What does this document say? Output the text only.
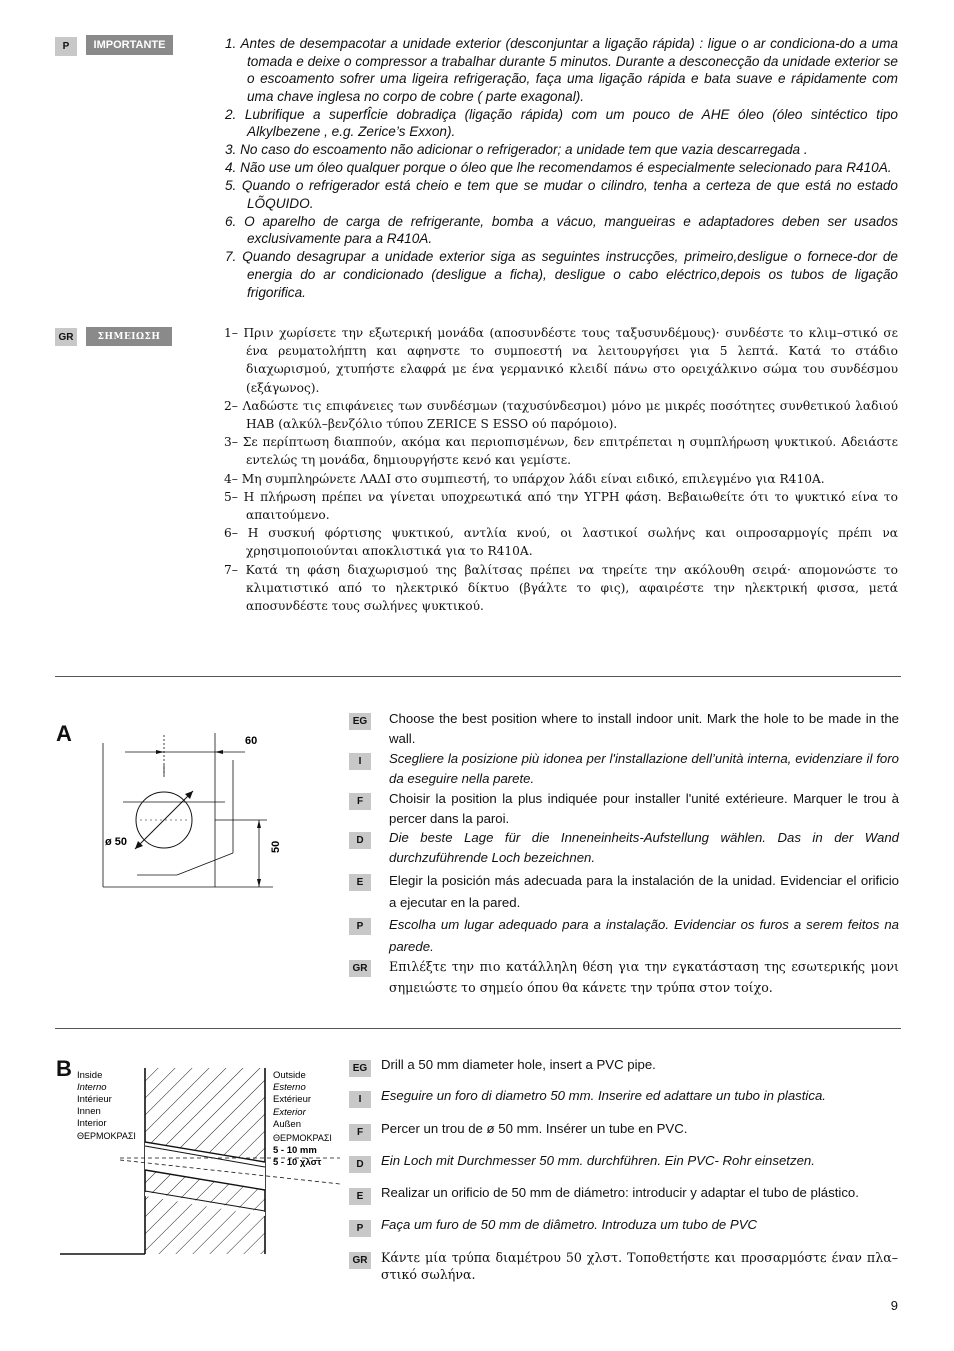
P	IMPORTANTE	1. Antes de desempacotar a unidade exterior (desconjuntar a ligação rápida) : ligue o ar condiciona-do a uma tomada e deixe o compressor a trabalhar durante 5 minutos. Durante a desconecção da unidade exterior se o escoamento sofrer uma ligeira refrigeração, faça uma ligação rápida e bata suave e rápidamente com uma chave inglesa no corpo de cobre ( parte exagonal).
2. Lubrifique a superfÎcie dobradiça (ligação rápida) com um pouco de AHE óleo (óleo sintéctico tipo Alkylbezene , e.g. Zerice’s Exxon).
3. No caso do escoamento não adicionar o refrigerador; a unidade tem que vazia descarregada .
4. Não use um óleo qualquer porque o óleo que lhe recomendamos é especialmente selecionado para R410A.
5. Quando o refrigerador está cheio e tem que se mudar o cilindro, tenha a certeza de que está no estado LÕQUIDO.
6. O aparelho de carga de refrigerante, bomba a vácuo, mangueiras e adaptadores deben ser usados exclusivamente para a R410A.
7. Quando desagrupar a unidade exterior siga as seguintes instrucções, primeiro,desligue o fornece-dor de energia do ar condicionado (desligue a ficha), desligue o cabo eléctrico,depois os tubos de ligação frigorifica.
GR	ΣΗΜΕΙΩΣΗ	1– Πριν χωρίσετε την εξωτερική μονάδα (αποσυνδέστε τους ταξυσυνδέμους)· συνδέστε το κλιμ–στικό σε ένα ρευματολήπτη και αφηνστε το συμποεστή να λειτουργήσει για 5 λεπτά. Κατά το στάδιο διαχωρισμού, χτυπήστε ελαφρά με ένα γερμανικό κλειδί πάνω στο ορειχάλκινο σώμα του συνδέσμου (εξάγωνος).
2– Λαδώστε τις επιφάνειες των συνδέσμων (ταχυσύνδεσμοι) μόνο με μικρές ποσότητες συνθετικού λαδιού HAB (αλκύλ–βενζόλιο τύπου ZERICE S ESSO ού παρόμοιο).
3– Σε περίπτωση διαππούν, ακόμα και περιοπισμένων, δεν επιτρέπεται η συμπλήρωση ψυκτικού. Αδειάστε εντελώς τη μονάδα, δημιουργήστε κενό και γεμίστε.
4– Μη συμπληρώνετε ΛΑΔΙ στο συμπιεστή, το υπάρχον λάδι είναι ειδικό, επιλεγμένο για R410A.
5– Η πλήρωση πρέπει να γίνεται υποχρεωτικά από την ΥΓΡΗ φάση. Βεβαιωθείτε ότι το ψυκτικό είνα το απαιτούμενο.
6– Η συσκυή φόρτισης ψυκτικού, αντλία κνού, οι λαστικοί σωλήνς και οιπροσαρμογίς πρέπι να χρησιμοποιούνται αποκλιστικά για το R410A.
7– Κατά τη φάση διαχωρισμού της βαλίτσας πρέπει να τηρείτε την ακόλουθη σειρά· απομονώστε το κλιματιστικό από το ηλεκτρικό δίκτυο (βγάλτε το φις), αφαιρέστε την ηλεκτρική φισσα, μετά αποσυνδέστε τους σωλήνες ψυκτικού.
A	60
ø 50	50
EG Choose the best position where to install indoor unit. Mark the hole to be made in the wall.
I	Scegliere la posizione più idonea per l'installazione dell’unità interna, evidenziare il foro da eseguire nella parete.
F	Choisir la position la plus indiquée pour installer l'unité extérieure. Marquer le trou à percer dans la paroi.
D	Die beste Lage für die Inneneinheits-Aufstellung wählen. Das in der Wand durchzuführende Loch bezeichnen.
E	Elegir la posición más adecuada para la instalación de la unidad. Evidenciar el orificio a ejecutar en la pared.
P	Escolha um lugar adequado para a instalação. Evidenciar os furos a serem feitos na parede.
GR Επιλέξτε την πιο κατάλληλη θέση για την εγκατάσταση της εσωτερικής μονι σημειώστε το σημείο όπου θα κάνετε την τρύπα στον τοίχο.
B Inside
Interno
Intérieur
Innen
Interior
ΘΕΡΜΟΚΡΑΣΙ
Outside
Esterno
Extérieur
Exterior
Außen
ΘΕΡΜΟΚΡΑΣΙ
5 - 10 mm
5 - 10 χλστ
EG Drill a 50 mm diameter hole, insert a PVC pipe.
I	Eseguire un foro di diametro 50 mm. Inserire ed adattare un tubo in plastica.
F	Percer un trou de ø 50 mm. Insérer un tube en PVC.
D	Ein Loch mit Durchmesser 50 mm. durchführen. Ein PVC- Rohr einsetzen.
E	Realizar un orificio de 50 mm de diámetro: introducir y adaptar el tubo de plástico.
P	Faça um furo de 50 mm de diâmetro. Introduza um tubo de PVC
GR Κάντε μία τρύπα διαμέτρου 50 χλστ. Τοποθετήστε και προσαρμόστε έναν πλα–στικό σωλήνα.
9
